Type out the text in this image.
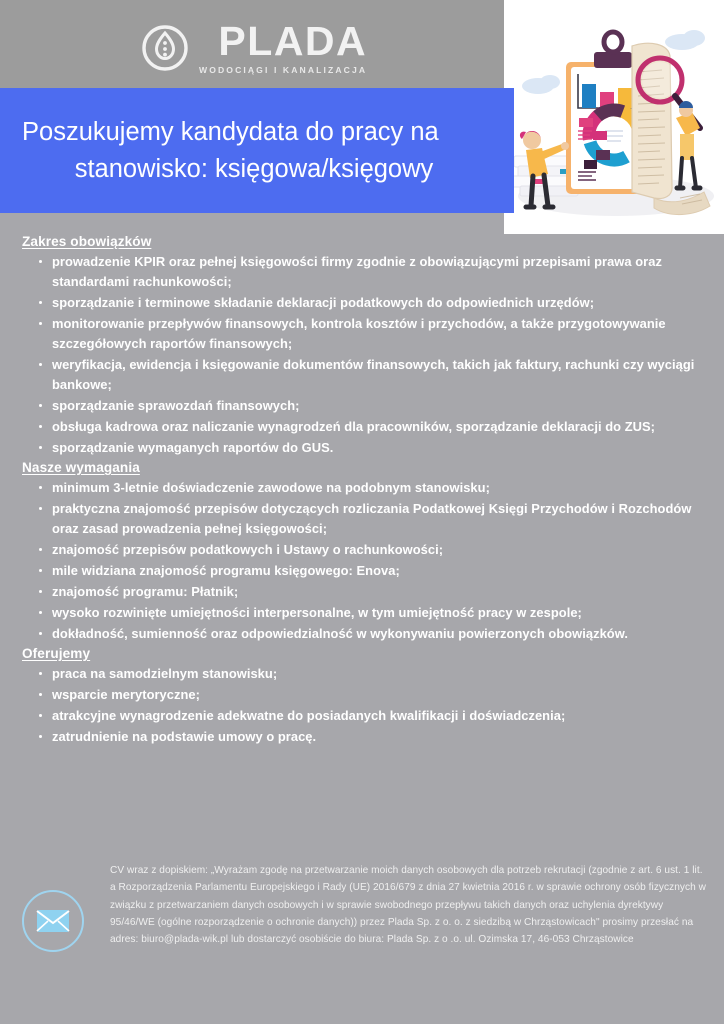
PLADA
WODOCIĄGI I KANALIZACJA
Poszukujemy kandydata do pracy na
stanowisko: księgowa/księgowy
Zakres obowiązków
prowadzenie KPIR oraz pełnej księgowości firmy zgodnie z obowiązującymi przepisami prawa oraz standardami rachunkowości;
sporządzanie i terminowe składanie deklaracji podatkowych do odpowiednich urzędów;
monitorowanie przepływów finansowych, kontrola kosztów i przychodów, a także przygotowywanie szczegółowych raportów finansowych;
weryfikacja, ewidencja i księgowanie dokumentów finansowych, takich jak faktury, rachunki czy wyciągi bankowe;
sporządzanie sprawozdań finansowych;
obsługa kadrowa oraz naliczanie wynagrodzeń dla pracowników, sporządzanie deklaracji do ZUS;
sporządzanie wymaganych raportów do GUS.
Nasze wymagania
minimum 3-letnie doświadczenie zawodowe na podobnym stanowisku;
praktyczna znajomość przepisów dotyczących rozliczania Podatkowej Księgi Przychodów i Rozchodów oraz zasad prowadzenia pełnej księgowości;
znajomość przepisów podatkowych i Ustawy o rachunkowości;
mile widziana znajomość programu księgowego: Enova;
znajomość programu: Płatnik;
wysoko rozwinięte umiejętności interpersonalne, w tym umiejętność pracy w zespole;
dokładność, sumienność oraz odpowiedzialność w wykonywaniu powierzonych obowiązków.
Oferujemy
praca na samodzielnym stanowisku;
wsparcie merytoryczne;
atrakcyjne wynagrodzenie adekwatne do posiadanych kwalifikacji i doświadczenia;
zatrudnienie na podstawie umowy o pracę.
CV wraz z dopiskiem: „Wyrażam zgodę na przetwarzanie moich danych osobowych dla potrzeb rekrutacji (zgodnie z art. 6 ust. 1 lit. a Rozporządzenia Parlamentu Europejskiego i Rady (UE) 2016/679 z dnia 27 kwietnia 2016 r. w sprawie ochrony osób fizycznych w związku z przetwarzaniem danych osobowych i w sprawie swobodnego przepływu takich danych oraz uchylenia dyrektywy 95/46/WE (ogólne rozporządzenie o ochronie danych)) przez Plada Sp. z o. o. z siedzibą w Chrząstowicach" prosimy przesłać na adres: biuro@plada-wik.pl lub dostarczyć osobiście do biura: Plada Sp. z o .o. ul. Ozimska 17, 46-053 Chrząstowice
